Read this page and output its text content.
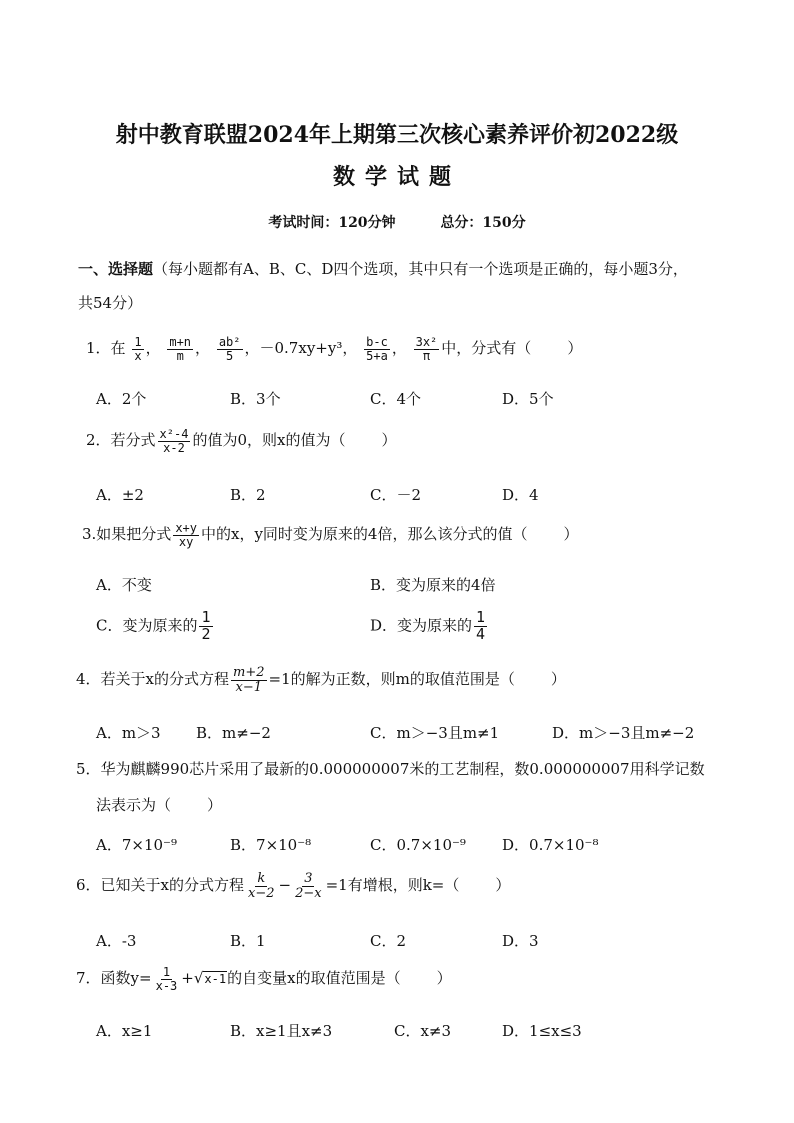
射中教育联盟2024年上期第三次核心素养评价初2022级
数学试题
考试时间：120分钟	总分：150分
一、选择题（每小题都有A、B、C、D四个选项，其中只有一个选项是正确的，每小题3分，
共54分）
1．在 $\frac{1}{x}$ ， $\frac{m+n}{m}$ ， $\frac{\text{ab²}}{5}$ ，－0.7xy+y³， $\frac{b-c}{5+a}$ ， $\frac{\text{3x²}}{\pi}$ 中，分式有（ ）
A．2个	B．3个	C．4个	D．5个
2．若分式 $\frac{\text{x²-4}}{x-2}$ 的值为0，则x的值为（ ）
A．±2	B．2	C．－2	D．4
3.如果把分式 $\frac{x+y}{xy}$ 中的x，y同时变为原来的4倍，那么该分式的值（ ）
A．不变	B．变为原来的4倍
C．变为原来的 $\frac{1}{2}$	D．变为原来的 $\frac{1}{4}$
4．若关于x的分式方程 $\frac{m+2}{x-1} =1$的解为正数，则m的取值范围是（ ）
A．m＞3 B．m≠−2	C．m＞−3且m≠1	D．m＞−3且m≠−2
5．华为麒麟990芯片采用了最新的0.000000007米的工艺制程，数0.000000007用科学记数
法表示为（ ）
A．7×10⁻⁹	B．7×10⁻⁸	C．0.7×10⁻⁹ D．0.7×10⁻⁸
6．已知关于x的分式方程 $\frac{k}{x-2} - \frac{3}{2-x} =1$有增根，则k=（ ）
A．-3	B．1	C．2	D．3
7．函数$y= \frac{1}{x-3} +√x-1$的自变量x的取值范围是（ ）
A．x≥1	B．x≥1且x≠3	C．x≠3	D．1≤x≤3
